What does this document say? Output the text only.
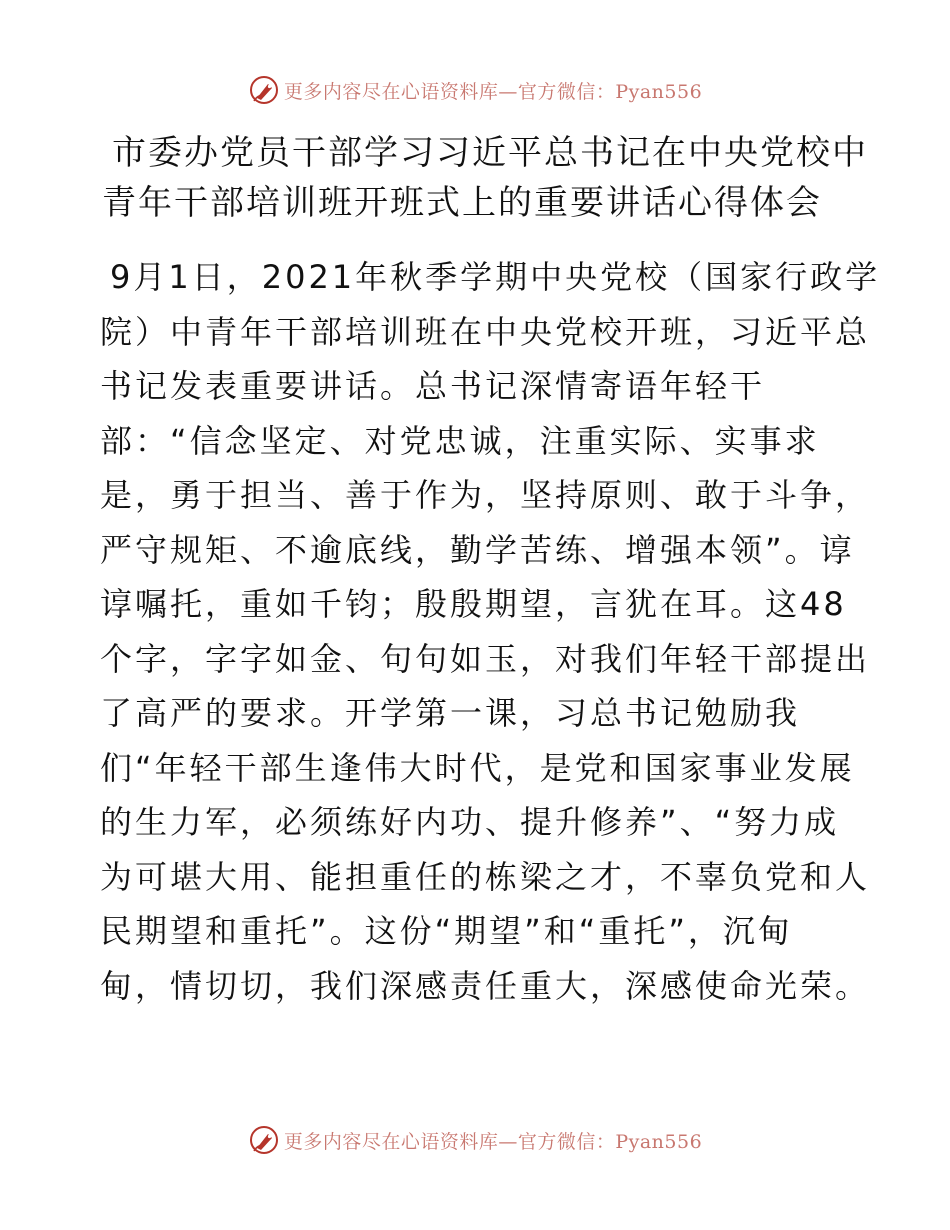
更多内容尽在心语资料库—官方微信：Pyan556
市委办党员干部学习习近平总书记在中央党校中
青年干部培训班开班式上的重要讲话心得体会
9月1日，2021年秋季学期中央党校（国家行政学
院）中青年干部培训班在中央党校开班，习近平总
书记发表重要讲话。总书记深情寄语年轻干
部：“信念坚定、对党忠诚，注重实际、实事求
是，勇于担当、善于作为，坚持原则、敢于斗争，
严守规矩、不逾底线，勤学苦练、增强本领”。谆
谆嘱托，重如千钧；殷殷期望，言犹在耳。这48
个字，字字如金、句句如玉，对我们年轻干部提出
了高严的要求。开学第一课，习总书记勉励我
们“年轻干部生逢伟大时代，是党和国家事业发展
的生力军，必须练好内功、提升修养”、“努力成
为可堪大用、能担重任的栋梁之才，不辜负党和人
民期望和重托”。这份“期望”和“重托”，沉甸
甸，情切切，我们深感责任重大，深感使命光荣。
更多内容尽在心语资料库—官方微信：Pyan556
